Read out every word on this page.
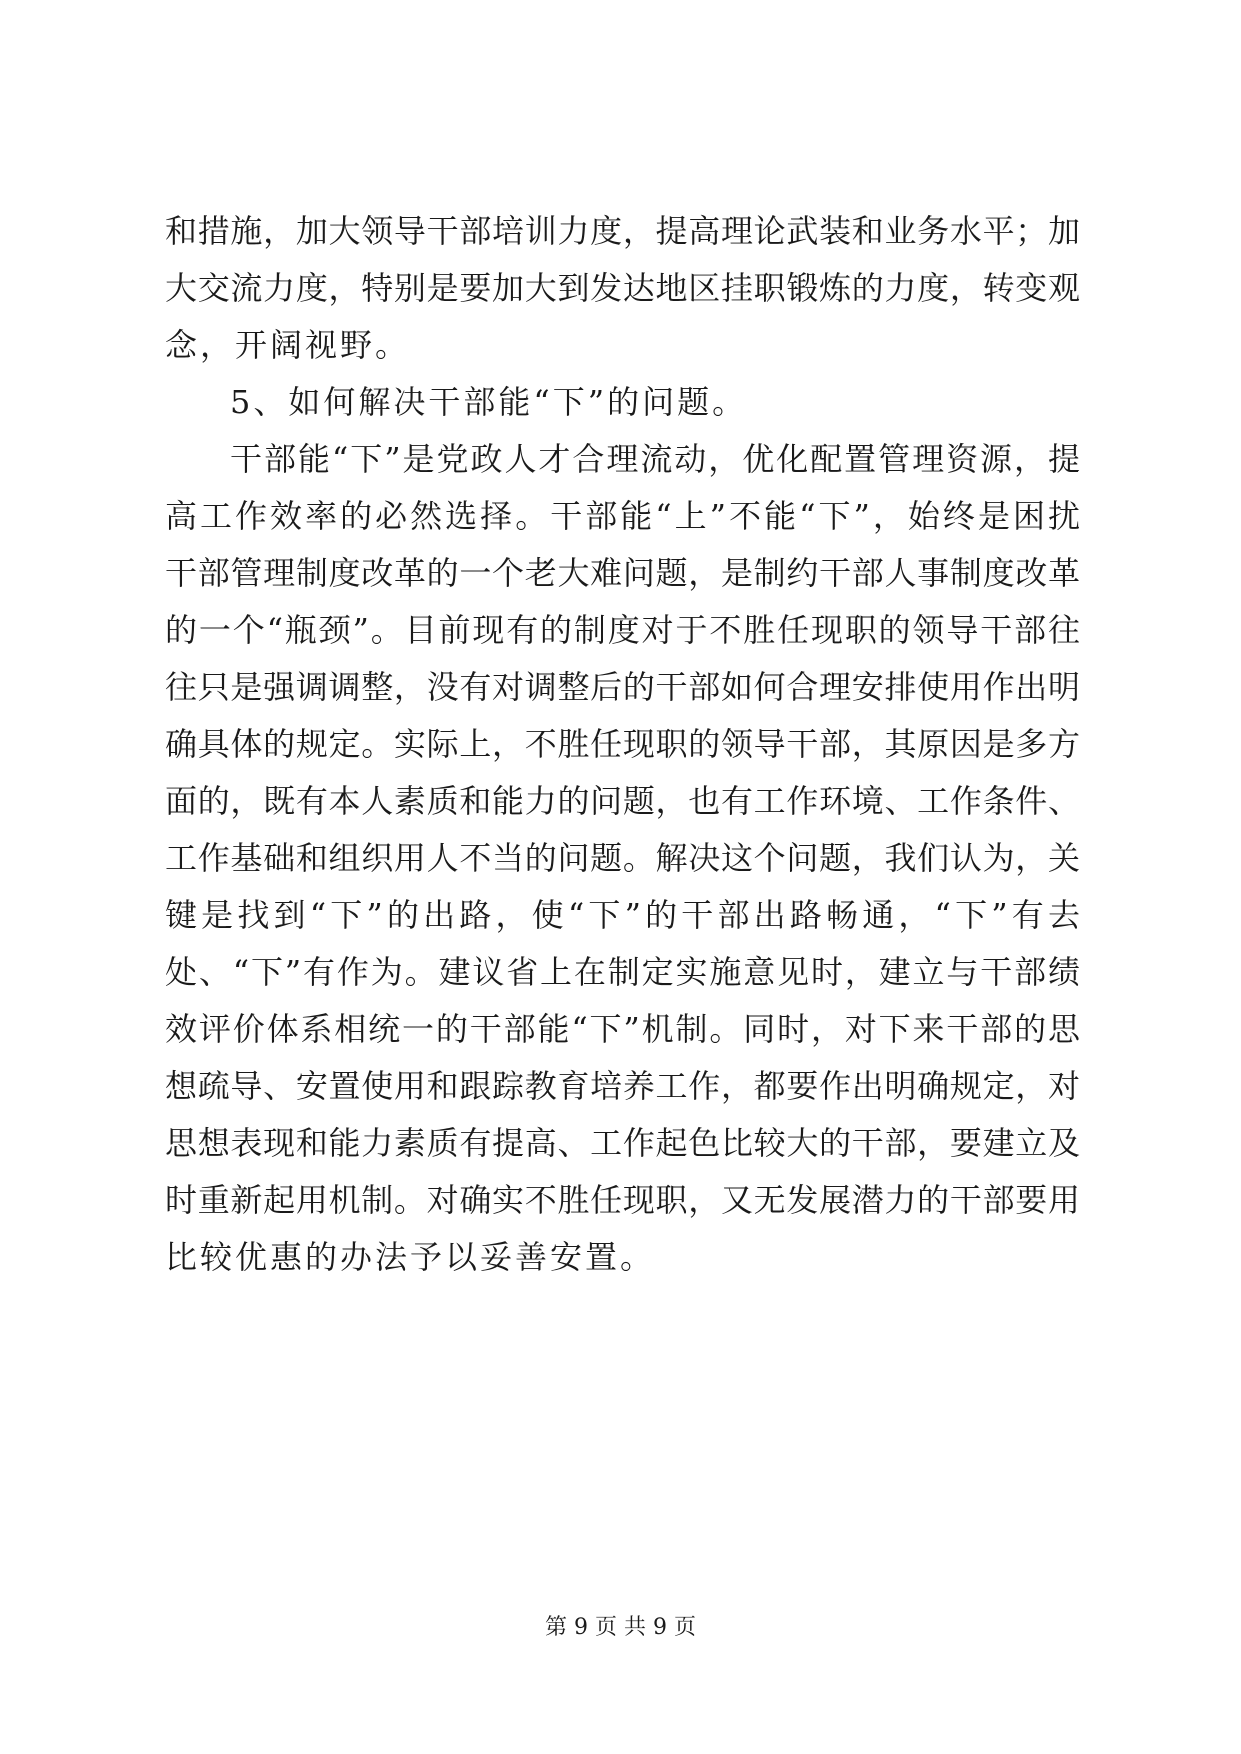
和措施，加大领导干部培训力度，提高理论武装和业务水平；加
大交流力度，特别是要加大到发达地区挂职锻炼的力度，转变观
念，开阔视野。
5、如何解决干部能“下”的问题。
干部能“下”是党政人才合理流动，优化配置管理资源，提
高工作效率的必然选择。干部能“上”不能“下”，始终是困扰
干部管理制度改革的一个老大难问题，是制约干部人事制度改革
的一个“瓶颈”。目前现有的制度对于不胜任现职的领导干部往
往只是强调调整，没有对调整后的干部如何合理安排使用作出明
确具体的规定。实际上，不胜任现职的领导干部，其原因是多方
面的，既有本人素质和能力的问题，也有工作环境、工作条件、
工作基础和组织用人不当的问题。解决这个问题，我们认为，关
键是找到“下”的出路，使“下”的干部出路畅通，“下”有去
处、“下”有作为。建议省上在制定实施意见时，建立与干部绩
效评价体系相统一的干部能“下”机制。同时，对下来干部的思
想疏导、安置使用和跟踪教育培养工作，都要作出明确规定，对
思想表现和能力素质有提高、工作起色比较大的干部，要建立及
时重新起用机制。对确实不胜任现职，又无发展潜力的干部要用
比较优惠的办法予以妥善安置。
第 9 页 共 9 页
